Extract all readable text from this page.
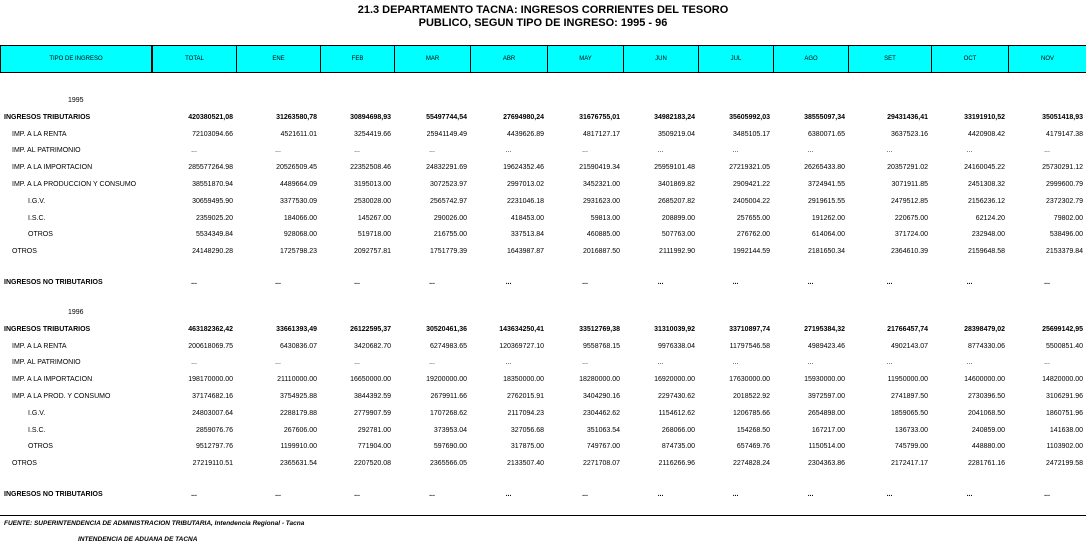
21.3 DEPARTAMENTO TACNA: INGRESOS CORRIENTES DEL TESORO
PUBLICO, SEGUN TIPO DE INGRESO: 1995 - 96
TIPO DE INGRESO	TOTAL	ENE	FEB	MAR	ABR	MAY	JUN	JUL	AGO	SET	OCT	NOV
1995
INGRESOS TRIBUTARIOS	420380521,08	31263580,78	30894698,93	55497744,54	27694980,24	31676755,01	34982183,24	35605992,03	38555097,34	29431436,41	33191910,52	35051418,93
IMP. A LA RENTA	72103094.66	4521611.01	3254419.66	25941149.49	4439626.89	4817127.17	3509219.04	3485105.17	6380071.65	3637523.16	4420908.42	4179147.38
IMP. AL PATRIMONIO	...	...	...	...	...	...	...	...	...	...	...	...
IMP. A LA IMPORTACION	285577264.98	20526509.45	22352508.46	24832291.69	19624352.46	21590419.34	25959101.48	27219321.05	26265433.80	20357291.02	24160045.22	25730291.12
IMP. A LA PRODUCCION Y CONSUMO	38551870.94	4489664.09	3195013.00	3072523.97	2997013.02	3452321.00	3401869.82	2909421.22	3724941.55	3071911.85	2451308.32	2999600.79
I.G.V.	30659495.90	3377530.09	2530028.00	2565742.97	2231046.18	2931623.00	2685207.82	2405004.22	2919615.55	2479512.85	2156236.12	2372302.79
I.S.C.	2359025.20	184066.00	145267.00	290026.00	418453.00	59813.00	208899.00	257655.00	191262.00	220675.00	62124.20	79802.00
OTROS	5534349.84	928068.00	519718.00	216755.00	337513.84	460885.00	507763.00	276762.00	614064.00	371724.00	232948.00	538496.00
OTROS	24148290.28	1725798.23	2092757.81	1751779.39	1643987.87	2016887.50	2111992.90	1992144.59	2181650.34	2364610.39	2159648.58	2153379.84
INGRESOS NO TRIBUTARIOS	...	...	...	...	...	...	...	...	...	...	...	...
1996
INGRESOS TRIBUTARIOS	463182362,42	33661393,49	26122595,37	30520461,36	143634250,41	33512769,38	31310039,92	33710897,74	27195384,32	21766457,74	28398479,02	25699142,95
IMP. A LA RENTA	200618069.75	6430836.07	3420682.70	6274983.65	120369727.10	9558768.15	9976338.04	11797546.58	4989423.46	4902143.07	8774330.06	5500851.40
IMP. AL PATRIMONIO	...	...	...	...	...	...	...	...	...	...	...	...
IMP. A LA IMPORTACION	198170000.00	21110000.00	16650000.00	19200000.00	18350000.00	18280000.00	16920000.00	17630000.00	15930000.00	11950000.00	14600000.00	14820000.00
IMP. A LA PROD. Y CONSUMO	37174682.16	3754925.88	3844392.59	2679911.66	2762015.91	3404290.16	2297430.62	2018522.92	3972597.00	2741897.50	2730396.50	3106291.96
I.G.V.	24803007.64	2288179.88	2779907.59	1707268.62	2117094.23	2304462.62	1154612.62	1206785.66	2654898.00	1859065.50	2041068.50	1860751.96
I.S.C.	2859076.76	267606.00	292781.00	373953.04	327056.68	351063.54	268066.00	154268.50	167217.00	136733.00	240859.00	141638.00
OTROS	9512797.76	1199910.00	771904.00	597690.00	317875.00	749767.00	874735.00	657469.76	1150514.00	745799.00	448880.00	1103902.00
OTROS	27219110.51	2365631.54	2207520.08	2365566.05	2133507.40	2271708.07	2116266.96	2274828.24	2304363.86	2172417.17	2281761.16	2472199.58
INGRESOS NO TRIBUTARIOS	...	...	...	...	...	...	...	...	...	...	...	...
FUENTE: SUPERINTENDENCIA DE ADMINISTRACION TRIBUTARIA, Intendencia Regional - Tacna
INTENDENCIA DE ADUANA DE TACNA
